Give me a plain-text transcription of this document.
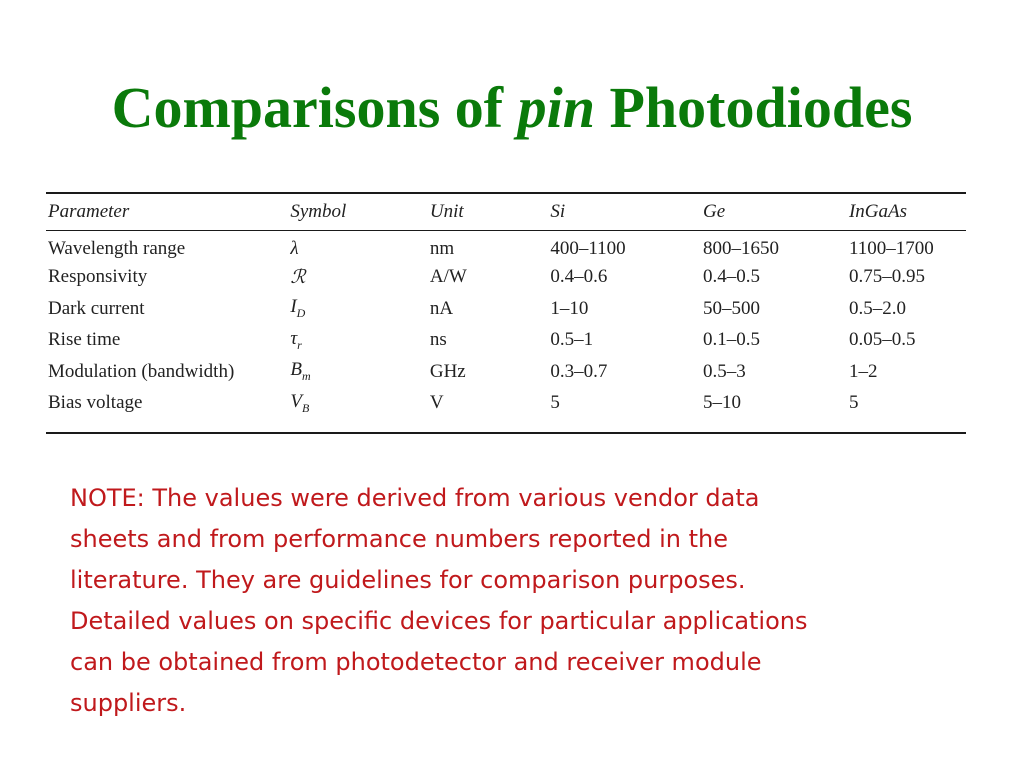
Comparisons of pin Photodiodes
Parameter	Symbol	Unit	Si	Ge	InGaAs
Wavelength range	λ	nm	400–1100	800–1650	1100–1700
Responsivity	ℛ	A/W	0.4–0.6	0.4–0.5	0.75–0.95
Dark current	$I_D$	nA	1–10	50–500	0.5–2.0
Rise time	$\tau_r$	ns	0.5–1	0.1–0.5	0.05–0.5
Modulation (bandwidth)	$B_m$	GHz	0.3–0.7	0.5–3	1–2
Bias voltage	$V_B$	V	5	5–10	5
NOTE: The values were derived from various vendor data
sheets and from performance numbers reported in the
literature. They are guidelines for comparison purposes.
Detailed values on specific devices for particular applications
can be obtained from photodetector and receiver module
suppliers.
